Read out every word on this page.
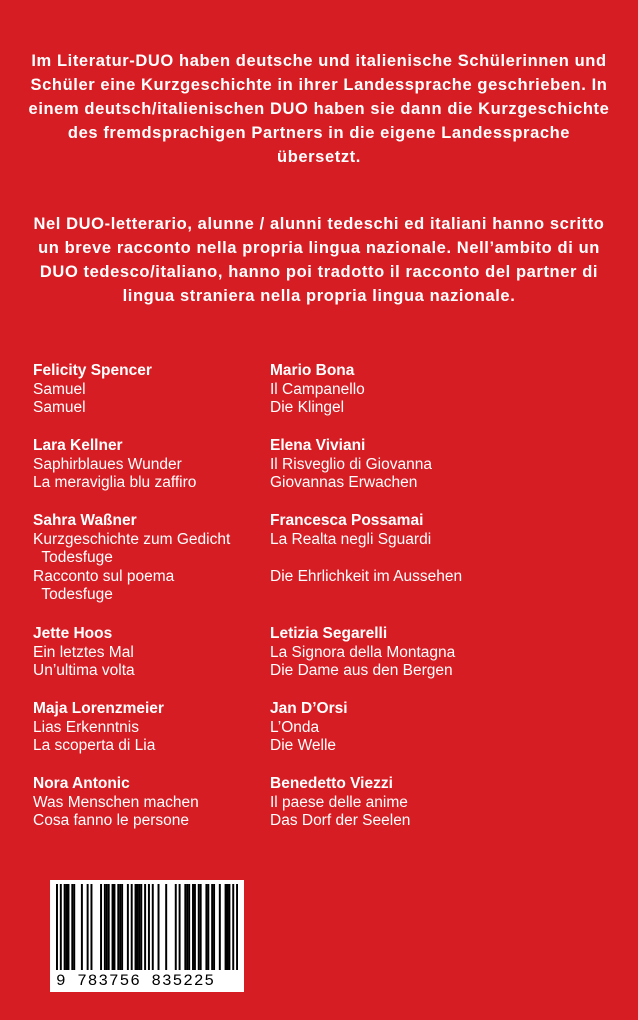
Im Literatur-DUO haben deutsche und italienische Schülerinnen und Schüler eine Kurzgeschichte in ihrer Landessprache geschrieben. In einem deutsch/italienischen DUO haben sie dann die Kurzgeschichte des fremdsprachigen Partners in die eigene Landessprache übersetzt.

Nel DUO-letterario, alunne / alunni tedeschi ed italiani hanno scritto un breve racconto nella propria lingua nazionale. Nell’ambito di un DUO tedesco/italiano, hanno poi tradotto il racconto del partner di lingua straniera nella propria lingua nazionale.

Felicity Spencer
Samuel
Samuel
Lara Kellner
Saphirblaues Wunder
La meraviglia blu zaffiro
Sahra Waßner
Kurzgeschichte zum Gedicht
Todesfuge
Racconto sul poema
Todesfuge
Jette Hoos
Ein letztes Mal
Un’ultima volta
Maja Lorenzmeier
Lias Erkenntnis
La scoperta di Lia
Nora Antonic
Was Menschen machen
Cosa fanno le persone
Mario Bona
Il Campanello
Die Klingel
Elena Viviani
Il Risveglio di Giovanna
Giovannas Erwachen
Francesca Possamai
La Realta negli Sguardi

Die Ehrlichkeit im Aussehen
Letizia Segarelli
La Signora della Montagna
Die Dame aus den Bergen
Jan D’Orsi
L’Onda
Die Welle
Benedetto Viezzi
Il paese delle anime
Das Dorf der Seelen
9 783756 835225
